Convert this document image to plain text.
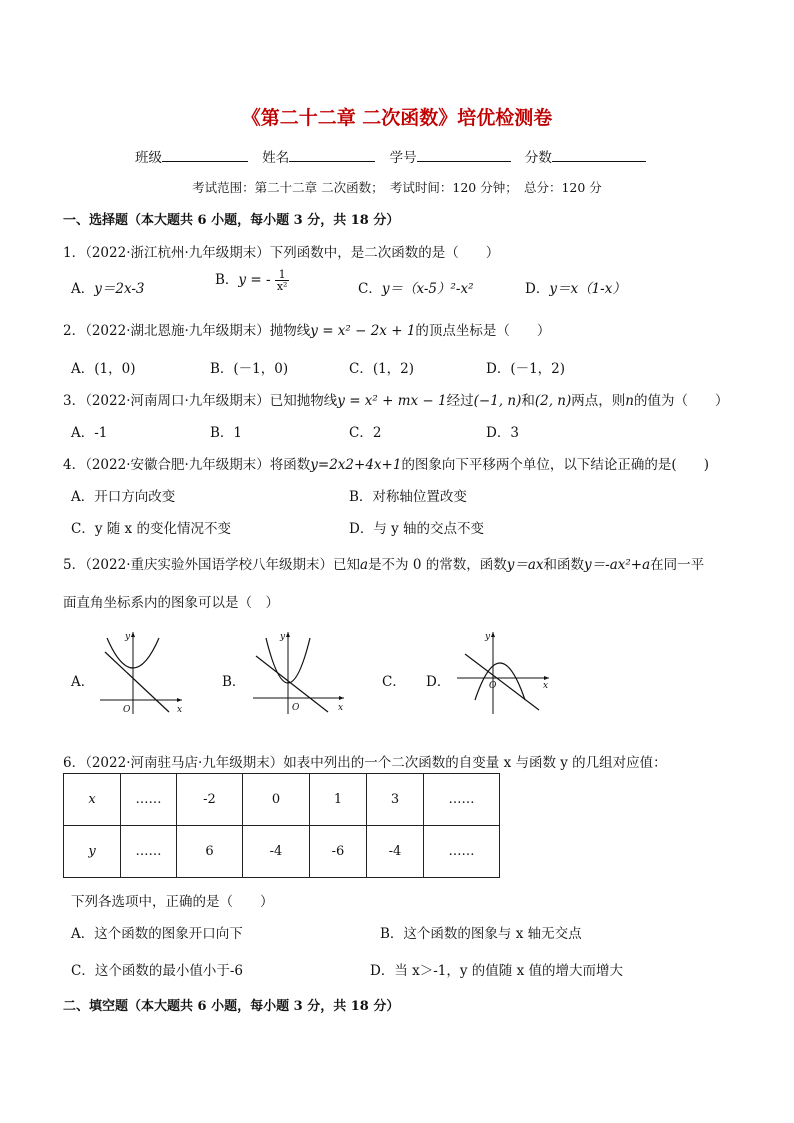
《第二十二章 二次函数》培优检测卷
班级	姓名	学号	分数
考试范围：第二十二章 二次函数；　考试时间：120 分钟；　总分：120 分
一、选择题（本大题共 6 小题，每小题 3 分，共 18 分）
1．（2022·浙江杭州·九年级期末）下列函数中，是二次函数的是（　　）
A．y＝2x-3
B．y = - $\frac{1}{\text{x²}}$	C．y＝（x-5）²-x²	D．y＝x（1-x）
2．（2022·湖北恩施·九年级期末）抛物线y = x² − 2x + 1的顶点坐标是（　　）
A．(1，0)	B．(－1，0)	C．(1，2)	D．(－1，2)
3．（2022·河南周口·九年级期末）已知抛物线y = x² + mx − 1经过(−1, n)和(2, n)两点，则n的值为（　　）
A．-1	B．1	C．2	D．3
4．（2022·安徽合肥·九年级期末）将函数y=2x2+4x+1的图象向下平移两个单位，以下结论正确的是(　　)
A．开口方向改变	B．对称轴位置改变
C．y 随 x 的变化情况不变	D．与 y 轴的交点不变
5．（2022·重庆实验外国语学校八年级期末）已知a是不为 0 的常数，函数y＝ax和函数y＝-ax²+a在同一平
面直角坐标系内的图象可以是（　）
A．
y
x
O
B．
y
x
O
C． D．
y
x
O
6．（2022·河南驻马店·九年级期末）如表中列出的一个二次函数的自变量 x 与函数 y 的几组对应值：
x	……	-2	0	1	3	……
y	……	6	-4	-6	-4	……
下列各选项中，正确的是（　　）
A．这个函数的图象开口向下	B．这个函数的图象与 x 轴无交点
C．这个函数的最小值小于-6	D．当 x＞-1，y 的值随 x 值的增大而增大
二、填空题（本大题共 6 小题，每小题 3 分，共 18 分）
